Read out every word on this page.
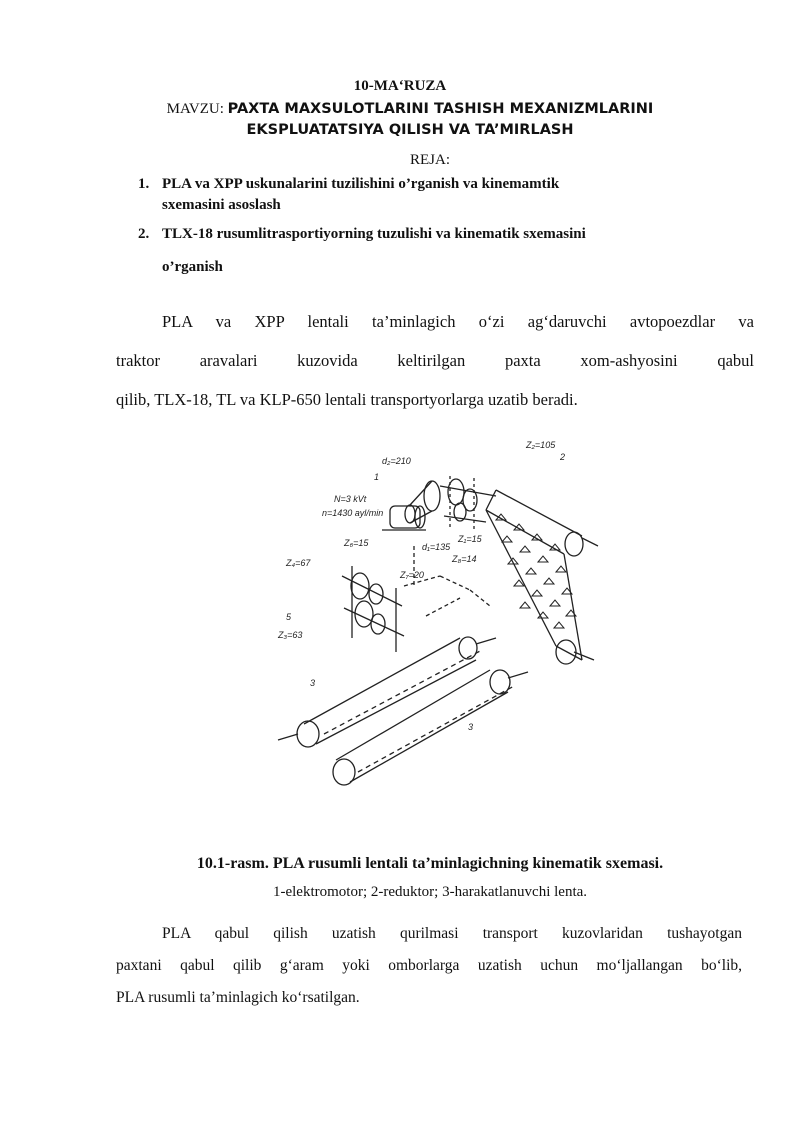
10-MA‘RUZA
MAVZU: PAXTA MAXSULOTLARINI TASHISH MEXANIZMLARINI EKSPLUATATSIYA QILISH VA TA’MIRLASH
REJA:
1. PLA va XPP uskunalarini tuzilishini o’rganish va kinemamtik
sxemasini asoslash
2. TLX-18 rusumlitrasportiyorning tuzulishi va kinematik sxemasini
o’rganish
PLA va XPP lentali ta’minlagich o‘zi ag‘daruvchi avtopoezdlar va
traktor aravalari kuzovida keltirilgan paxta xom-ashyosini qabul
qilib, TLX-18, TL va KLP-650 lentali transportyorlarga uzatib beradi.
Z₂=105
2
d₂=210
1
N=3 kVt
n=1430 ayl/min
Z₆=15	Z₁=15
d₁=135
Z₈=14
Z₄=67
Z₇=20
5
Z₃=63
3
3
10.1-rasm. PLA rusumli lentali ta’minlagichning kinematik sxemasi.
1-elektromotor; 2-reduktor; 3-harakatlanuvchi lenta.
PLA qabul qilish uzatish qurilmasi transport kuzovlaridan tushayotgan
paxtani qabul qilib g‘aram yoki omborlarga uzatish uchun mo‘ljallangan bo‘lib,
PLA rusumli ta’minlagich ko‘rsatilgan.
